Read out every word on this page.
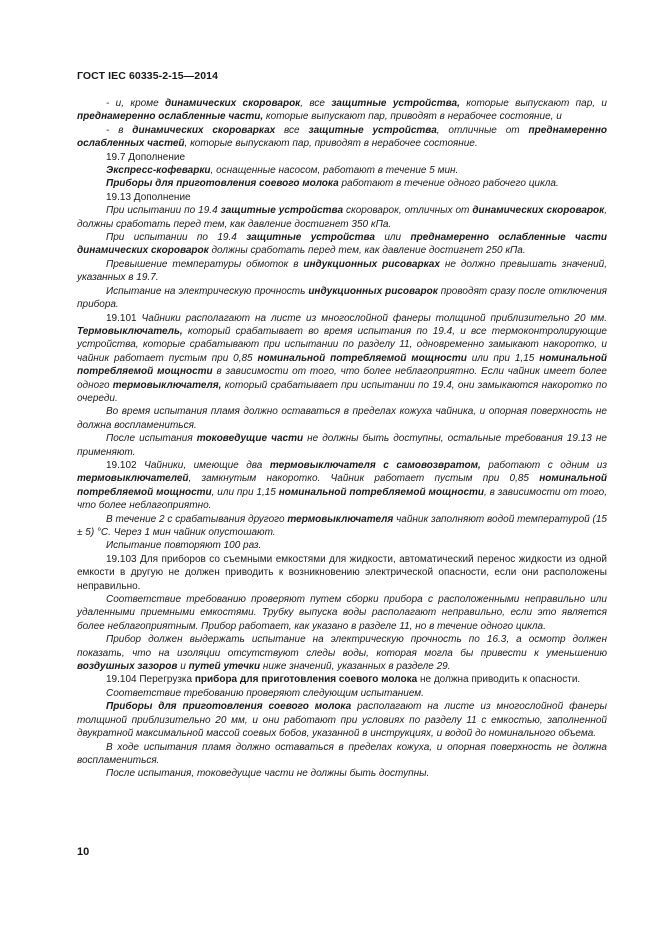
ГОСТ IEC 60335-2-15—2014

- и, кроме динамических скороварок, все защитные устройства, которые выпускают пар, и преднамеренно ослабленные части, которые выпускают пар, приводят в нерабочее состояние, и

- в динамических скороварках все защитные устройства, отличные от преднамеренно ослабленных частей, которые выпускают пар, приводят в нерабочее состояние.

19.7 Дополнение

Экспресс-кофеварки, оснащенные насосом, работают в течение 5 мин.

Приборы для приготовления соевого молока работают в течение одного рабочего цикла.

19.13 Дополнение

При испытании по 19.4 защитные устройства скороварок, отличных от динамических скороварок, должны сработать перед тем, как давление достигнет 350 кПа.

При испытании по 19.4 защитные устройства или преднамеренно ослабленные части динамических скороварок должны сработать перед тем, как давление достигнет 250 кПа.

Превышение температуры обмоток в индукционных рисоварках не должно превышать значений, указанных в 19.7.

Испытание на электрическую прочность индукционных рисоварок проводят сразу после отключения прибора.

19.101 Чайники располагают на листе из многослойной фанеры толщиной приблизительно 20 мм. Термовыключатель, который срабатывает во время испытания по 19.4, и все термоконтролирующие устройства, которые срабатывают при испытании по разделу 11, одновременно замыкают накоротко, и чайник работает пустым при 0,85 номинальной потребляемой мощности или при 1,15 номинальной потребляемой мощности в зависимости от того, что более неблагоприятно. Если чайник имеет более одного термовыключателя, который срабатывает при испытании по 19.4, они замыкаются накоротко по очереди.

Во время испытания пламя должно оставаться в пределах кожуха чайника, и опорная поверхность не должна воспламениться.

После испытания токоведущие части не должны быть доступны, остальные требования 19.13 не применяют.

19.102 Чайники, имеющие два термовыключателя с самовозвратом, работают с одним из термовыключателей, замкнутым накоротко. Чайник работает пустым при 0,85 номинальной потребляемой мощности, или при 1,15 номинальной потребляемой мощности, в зависимости от того, что более неблагоприятно.

В течение 2 с срабатывания другого термовыключателя чайник заполняют водой температурой (15 ± 5) °С. Через 1 мин чайник опустошают.

Испытание повторяют 100 раз.

19.103 Для приборов со съемными емкостями для жидкости, автоматический перенос жидкости из одной емкости в другую не должен приводить к возникновению электрической опасности, если они расположены неправильно.

Соответствие требованию проверяют путем сборки прибора с расположенными неправильно или удаленными приемными емкостями. Трубку выпуска воды располагают неправильно, если это является более неблагоприятным. Прибор работает, как указано в разделе 11, но в течение одного цикла.

Прибор должен выдержать испытание на электрическую прочность по 16.3, а осмотр должен показать, что на изоляции отсутствуют следы воды, которая могла бы привести к уменьшению воздушных зазоров и путей утечки ниже значений, указанных в разделе 29.

19.104 Перегрузка прибора для приготовления соевого молока не должна приводить к опасности.

Соответствие требованию проверяют следующим испытанием.

Приборы для приготовления соевого молока располагают на листе из многослойной фанеры толщиной приблизительно 20 мм, и они работают при условиях по разделу 11 с емкостью, заполненной двукратной максимальной массой соевых бобов, указанной в инструкциях, и водой до номинального объема.

В ходе испытания пламя должно оставаться в пределах кожуха, и опорная поверхность не должна воспламениться.

После испытания, токоведущие части не должны быть доступны.

10
